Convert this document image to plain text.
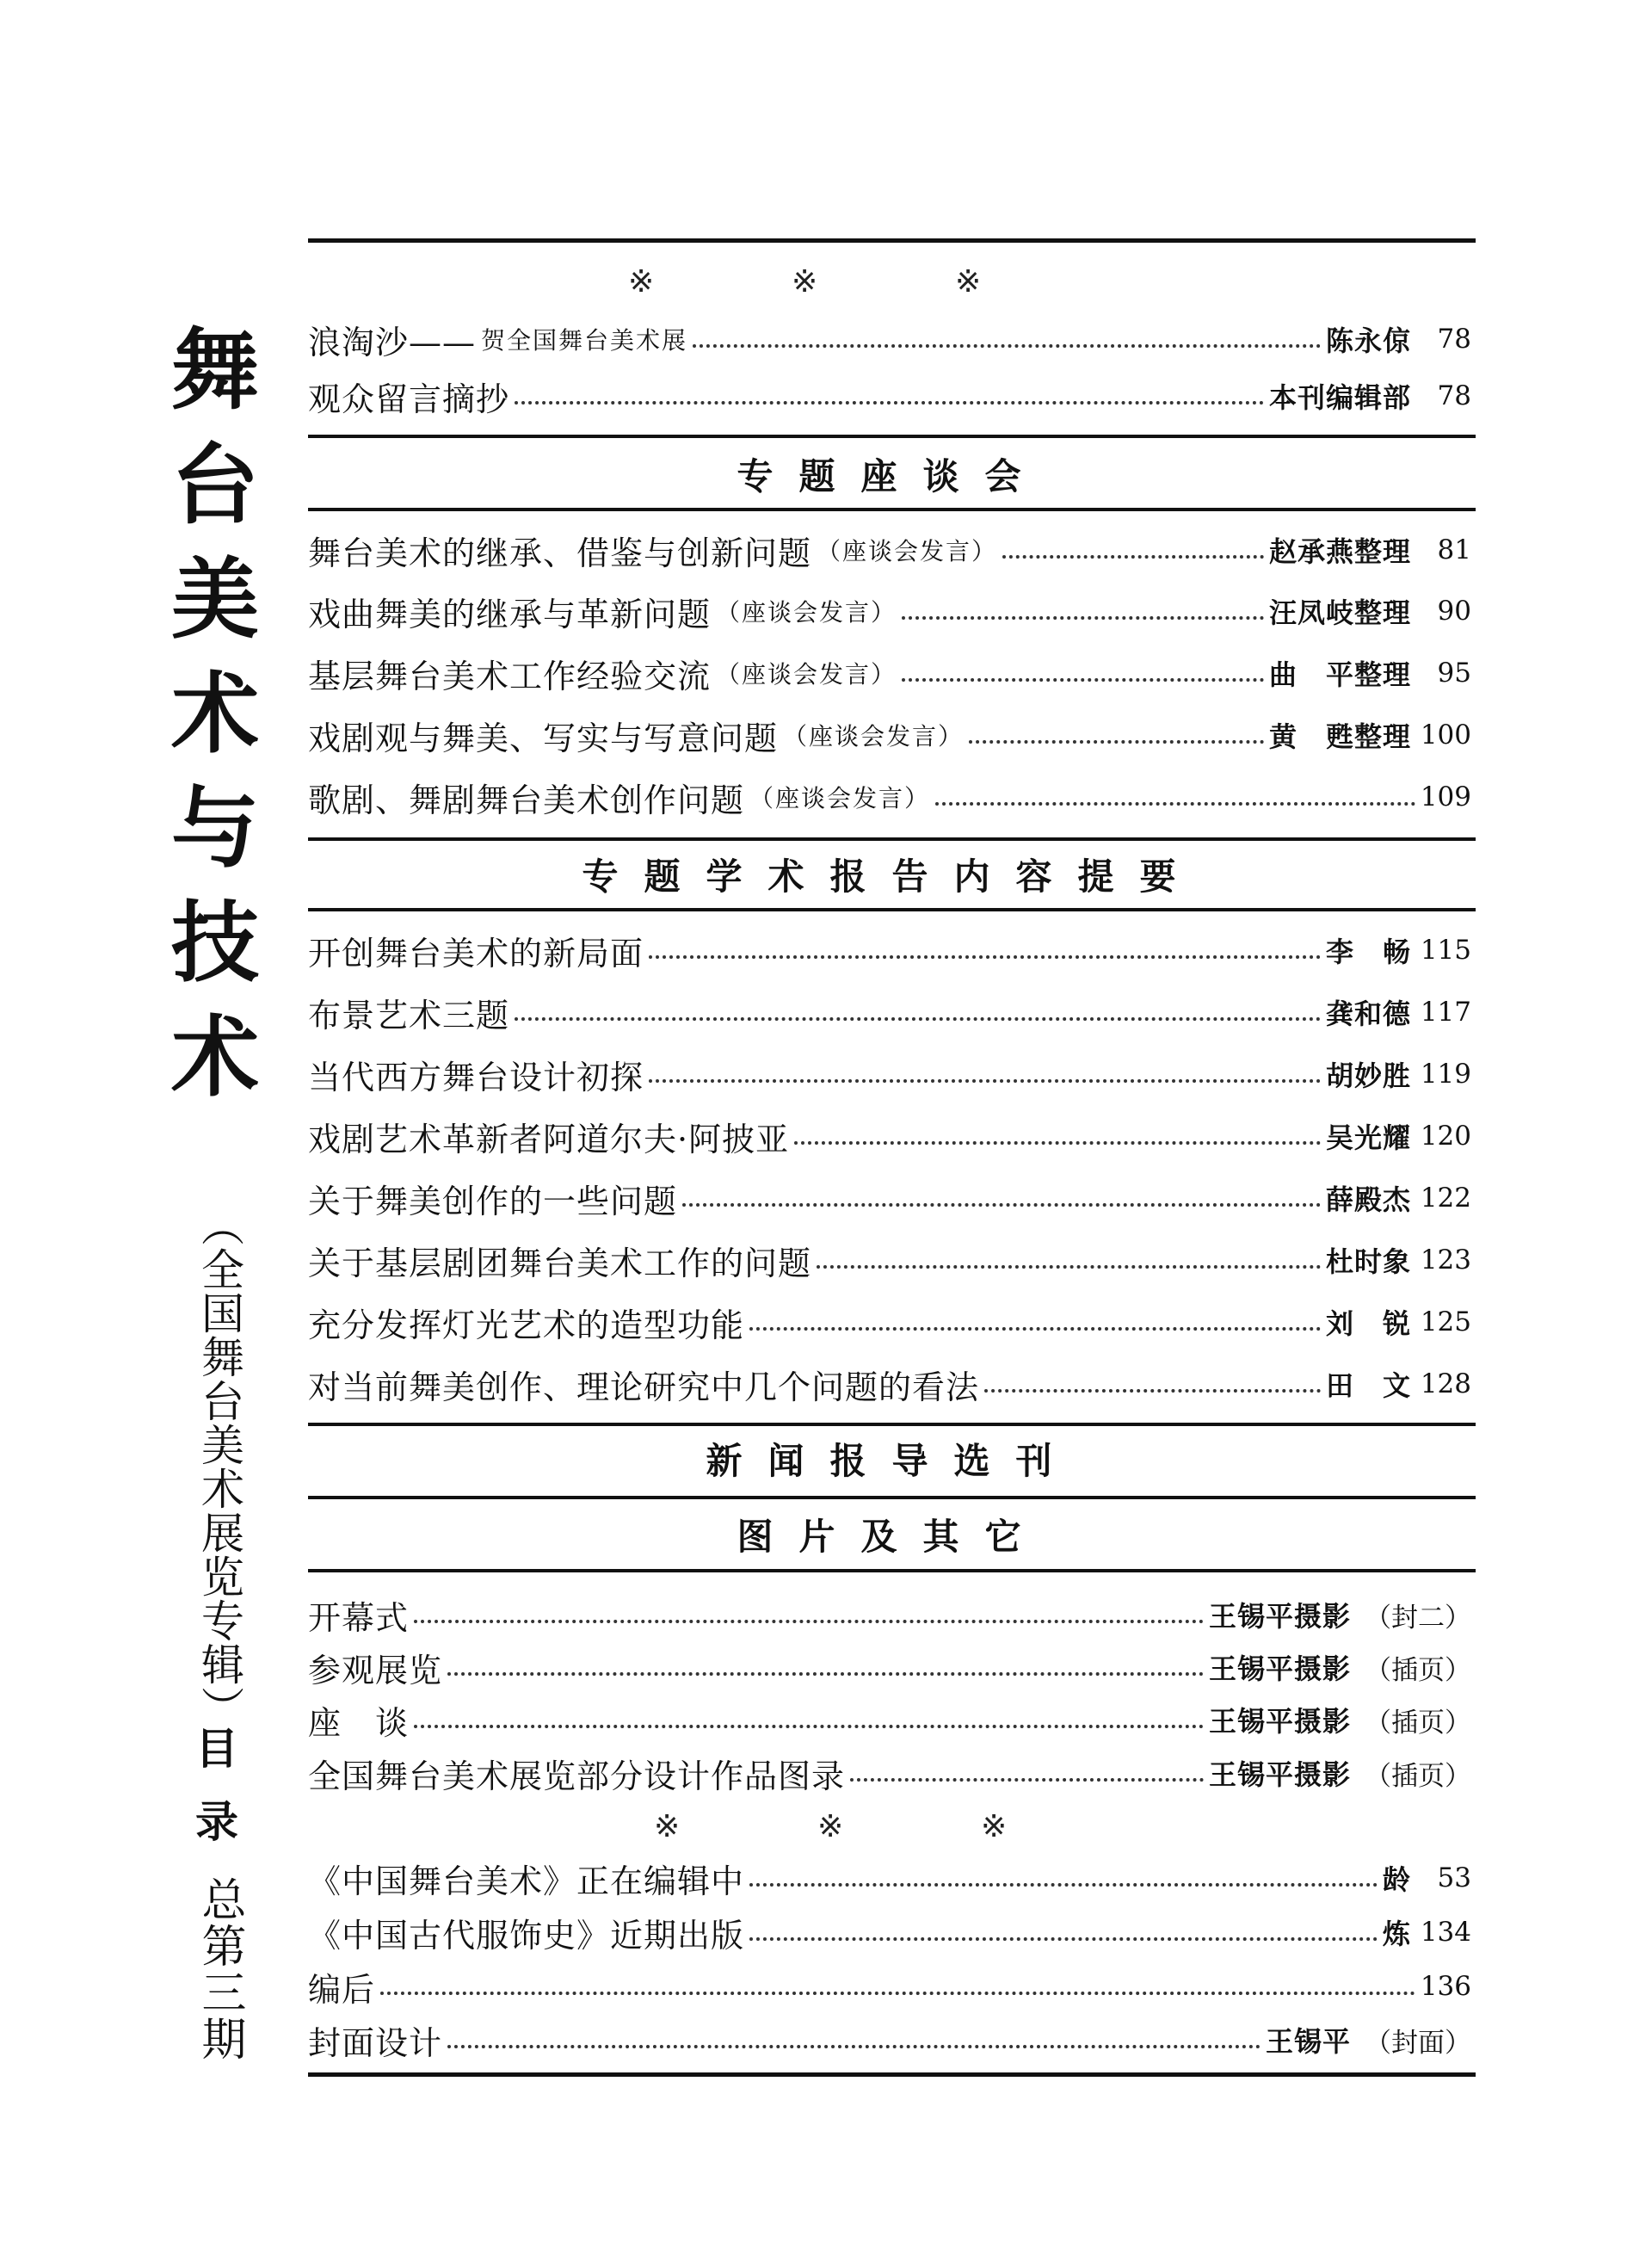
舞
台
美
术
与
技
术
（全国舞台美术展览专辑）
目
录
总第三期
※	※	※
浪淘沙—— 贺全国舞台美术展	陈永倞 78
观众留言摘抄	本刊编辑部 78
专题座谈会
舞台美术的继承、借鉴与创新问题 （座谈会发言）	赵承燕整理 81
戏曲舞美的继承与革新问题 （座谈会发言）	汪凤岐整理 90
基层舞台美术工作经验交流 （座谈会发言）	曲　平整理 95
戏剧观与舞美、写实与写意问题 （座谈会发言）	黄　甦整理 100
歌剧、舞剧舞台美术创作问题 （座谈会发言）	109
专题学术报告内容提要
开创舞台美术的新局面	李　畅 115
布景艺术三题	龚和德 117
当代西方舞台设计初探	胡妙胜 119
戏剧艺术革新者阿道尔夫·阿披亚	吴光耀 120
关于舞美创作的一些问题	薛殿杰 122
关于基层剧团舞台美术工作的问题	杜时象 123
充分发挥灯光艺术的造型功能	刘　锐 125
对当前舞美创作、理论研究中几个问题的看法	田　文 128
新闻报导选刊
图片及其它
开幕式	王锡平摄影 （封二）
参观展览	王锡平摄影 （插页）
座　谈	王锡平摄影 （插页）
全国舞台美术展览部分设计作品图录	王锡平摄影 （插页）
※	※	※
《中国舞台美术》正在编辑中	龄 53
《中国古代服饰史》近期出版	炼 134
编后	136
封面设计	王锡平 （封面）
